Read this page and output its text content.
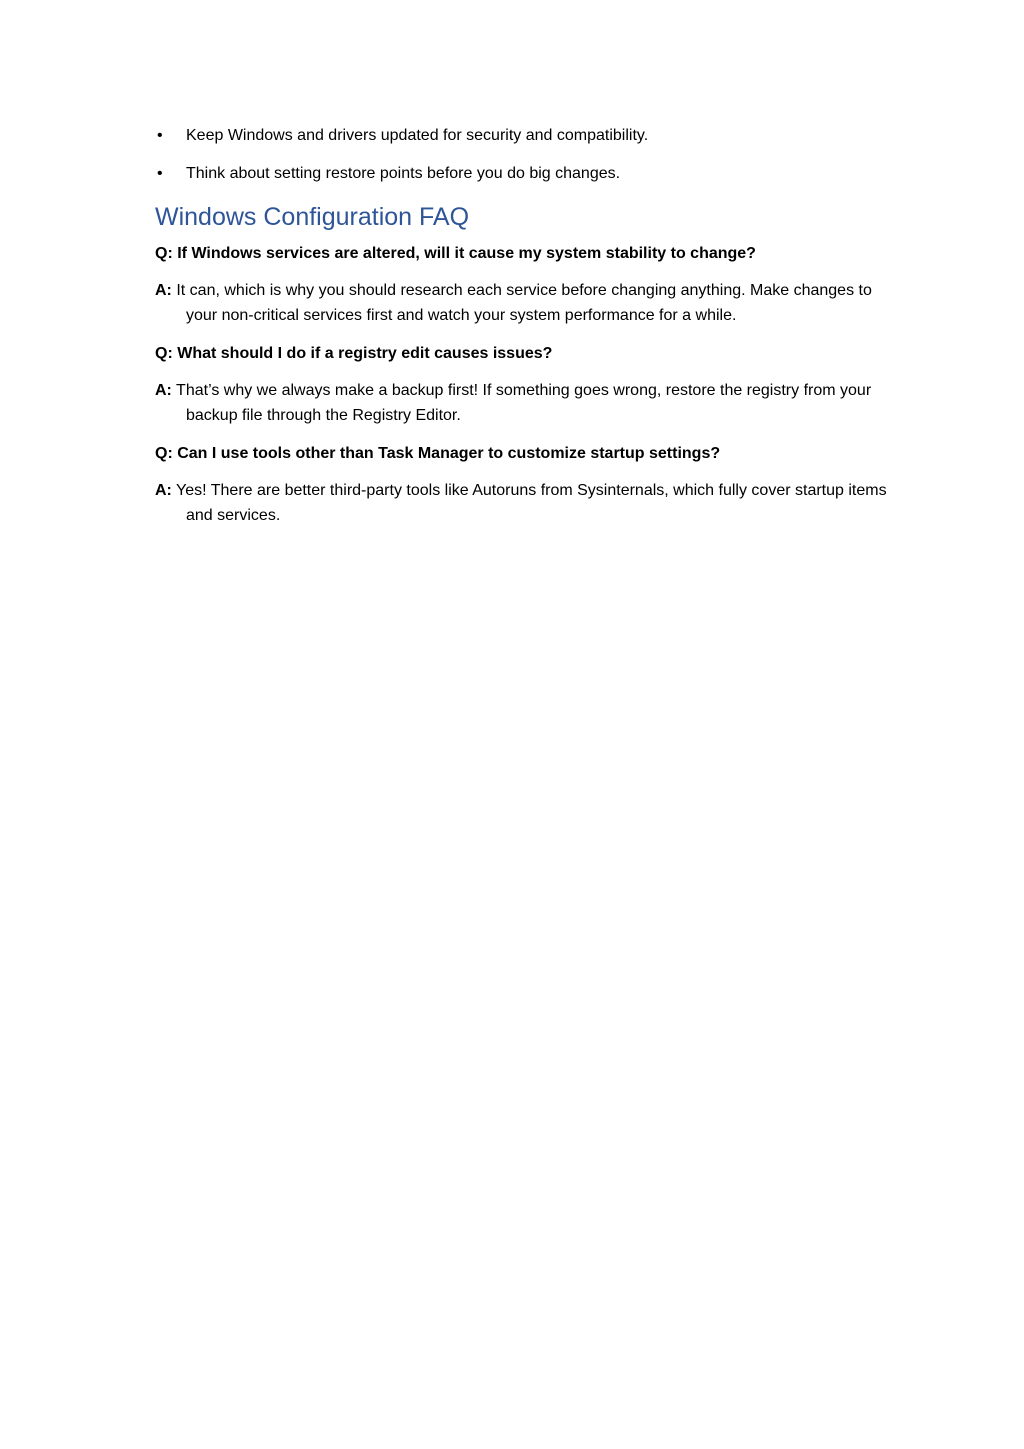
• Keep Windows and drivers updated for security and compatibility.
• Think about setting restore points before you do big changes.
Windows Configuration FAQ

Q: If Windows services are altered, will it cause my system stability to change?

A: It can, which is why you should research each service before changing anything. Make changes to your non-critical services first and watch your system performance for a while.

Q: What should I do if a registry edit causes issues?

A: That’s why we always make a backup first! If something goes wrong, restore the registry from your backup file through the Registry Editor.

Q: Can I use tools other than Task Manager to customize startup settings?

A: Yes! There are better third-party tools like Autoruns from Sysinternals, which fully cover startup items and services.
